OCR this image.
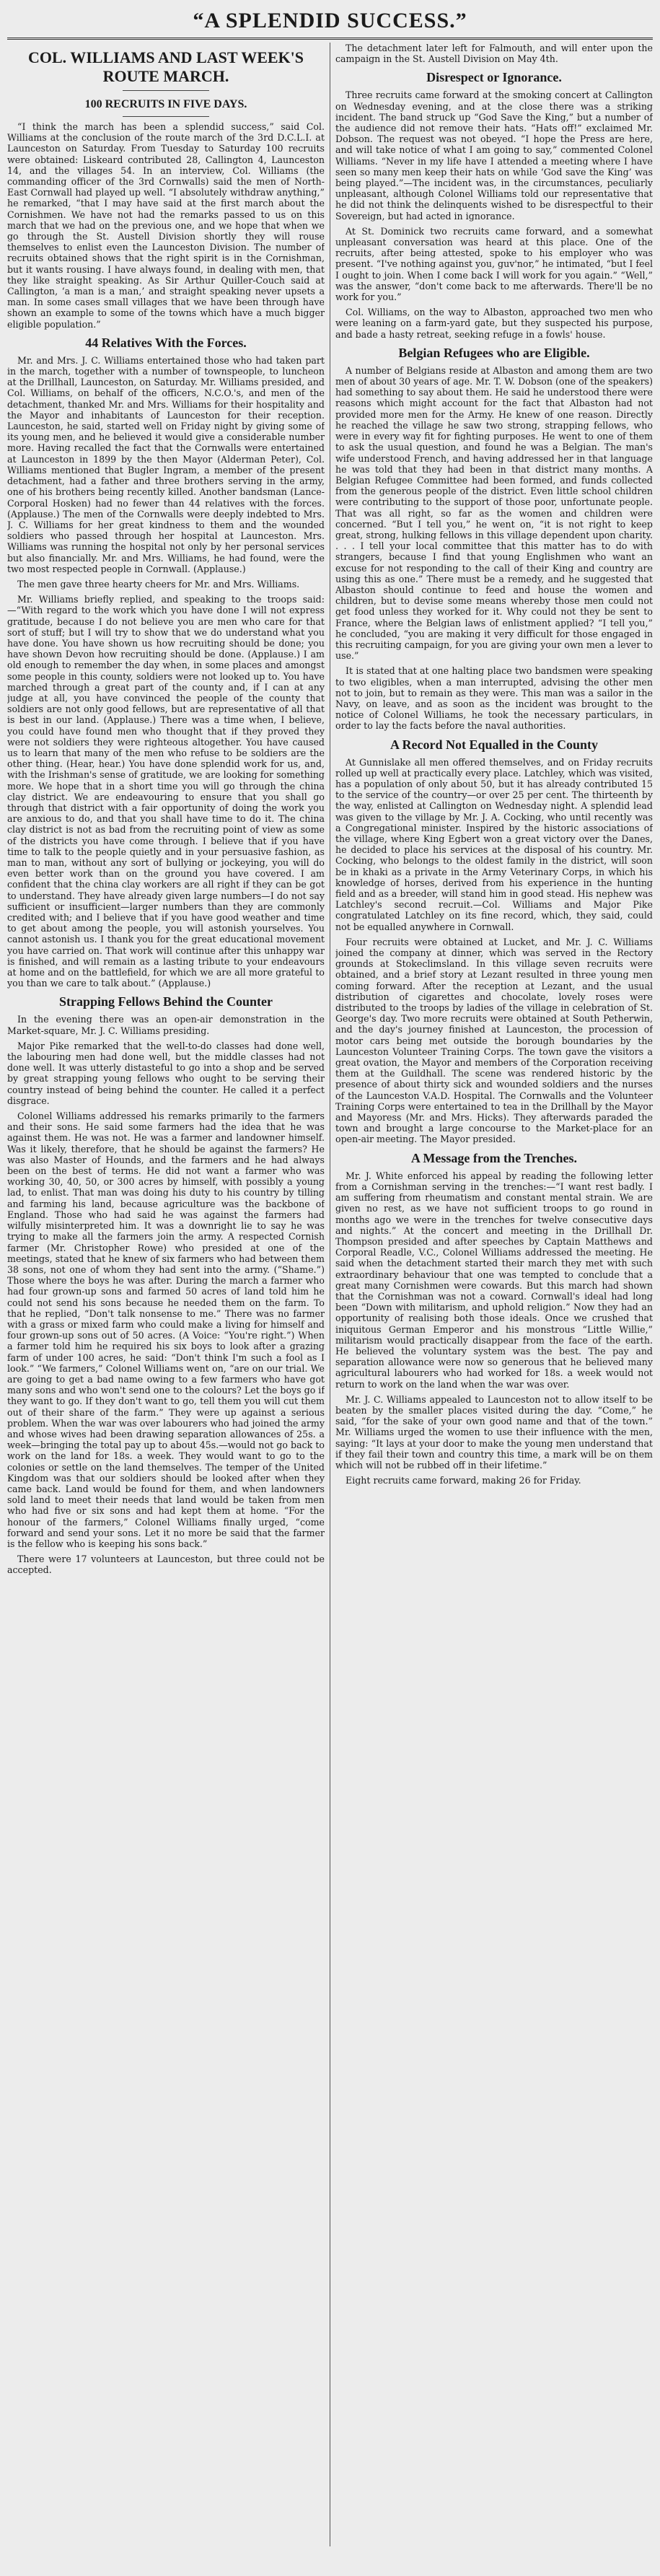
“A SPLENDID SUCCESS.”
COL. WILLIAMS AND LAST WEEK'S ROUTE MARCH.
100 RECRUITS IN FIVE DAYS.

“I think the march has been a splendid success,” said Col. Williams at the conclusion of the route march of the 3rd D.C.L.I. at Launceston on Saturday. From Tuesday to Saturday 100 recruits were obtained: Liskeard contributed 28, Callington 4, Launceston 14, and the villages 54. In an interview, Col. Williams (the commanding officer of the 3rd Cornwalls) said the men of North-East Cornwall had played up well. “I absolutely withdraw anything,” he remarked, “that I may have said at the first march about the Cornishmen. We have not had the remarks passed to us on this march that we had on the previous one, and we hope that when we go through the St. Austell Division shortly they will rouse themselves to enlist even the Launceston Division. The number of recruits obtained shows that the right spirit is in the Cornishman, but it wants rousing. I have always found, in dealing with men, that they like straight speaking. As Sir Arthur Quiller-Couch said at Callington, ‘a man is a man,’ and straight speaking never upsets a man. In some cases small villages that we have been through have shown an example to some of the towns which have a much bigger eligible population.”

44 Relatives With the Forces.

Mr. and Mrs. J. C. Williams entertained those who had taken part in the march, together with a number of townspeople, to luncheon at the Drillhall, Launceston, on Saturday. Mr. Williams presided, and Col. Williams, on behalf of the officers, N.C.O.'s, and men of the detachment, thanked Mr. and Mrs. Williams for their hospitality and the Mayor and inhabitants of Launceston for their reception. Launceston, he said, started well on Friday night by giving some of its young men, and he believed it would give a considerable number more. Having recalled the fact that the Cornwalls were entertained at Launceston in 1899 by the then Mayor (Alderman Peter), Col. Williams mentioned that Bugler Ingram, a member of the present detachment, had a father and three brothers serving in the army, one of his brothers being recently killed. Another bandsman (Lance-Corporal Hosken) had no fewer than 44 relatives with the forces. (Applause.) The men of the Cornwalls were deeply indebted to Mrs. J. C. Williams for her great kindness to them and the wounded soldiers who passed through her hospital at Launceston. Mrs. Williams was running the hospital not only by her personal services but also financially. Mr. and Mrs. Williams, he had found, were the two most respected people in Cornwall. (Applause.)

The men gave three hearty cheers for Mr. and Mrs. Williams.

Mr. Williams briefly replied, and speaking to the troops said:—“With regard to the work which you have done I will not express gratitude, because I do not believe you are men who care for that sort of stuff; but I will try to show that we do understand what you have done. You have shown us how recruiting should be done; you have shown Devon how recruiting should be done. (Applause.) I am old enough to remember the day when, in some places and amongst some people in this county, soldiers were not looked up to. You have marched through a great part of the county and, if I can at any judge at all, you have convinced the people of the county that soldiers are not only good fellows, but are representative of all that is best in our land. (Applause.) There was a time when, I believe, you could have found men who thought that if they proved they were not soldiers they were righteous altogether. You have caused us to learn that many of the men who refuse to be soldiers are the other thing. (Hear, hear.) You have done splendid work for us, and, with the Irishman's sense of gratitude, we are looking for something more. We hope that in a short time you will go through the china clay district. We are endeavouring to ensure that you shall go through that district with a fair opportunity of doing the work you are anxious to do, and that you shall have time to do it. The china clay district is not as bad from the recruiting point of view as some of the districts you have come through. I believe that if you have time to talk to the people quietly and in your persuasive fashion, as man to man, without any sort of bullying or jockeying, you will do even better work than on the ground you have covered. I am confident that the china clay workers are all right if they can be got to understand. They have already given large numbers—I do not say sufficient or insufficient—larger numbers than they are commonly credited with; and I believe that if you have good weather and time to get about among the people, you will astonish yourselves. You cannot astonish us. I thank you for the great educational movement you have carried on. That work will continue after this unhappy war is finished, and will remain as a lasting tribute to your endeavours at home and on the battlefield, for which we are all more grateful to you than we care to talk about.” (Applause.)

Strapping Fellows Behind the Counter

In the evening there was an open-air demonstration in the Market-square, Mr. J. C. Williams presiding.

Major Pike remarked that the well-to-do classes had done well, the labouring men had done well, but the middle classes had not done well. It was utterly distasteful to go into a shop and be served by great strapping young fellows who ought to be serving their country instead of being behind the counter. He called it a perfect disgrace.

Colonel Williams addressed his remarks primarily to the farmers and their sons. He said some farmers had the idea that he was against them. He was not. He was a farmer and landowner himself. Was it likely, therefore, that he should be against the farmers? He was also Master of Hounds, and the farmers and he had always been on the best of terms. He did not want a farmer who was working 30, 40, 50, or 300 acres by himself, with possibly a young lad, to enlist. That man was doing his duty to his country by tilling and farming his land, because agriculture was the backbone of England. Those who had said he was against the farmers had wilfully misinterpreted him. It was a downright lie to say he was trying to make all the farmers join the army. A respected Cornish farmer (Mr. Christopher Rowe) who presided at one of the meetings, stated that he knew of six farmers who had between them 38 sons, not one of whom they had sent into the army. (“Shame.”) Those where the boys he was after. During the march a farmer who had four grown-up sons and farmed 50 acres of land told him he could not send his sons because he needed them on the farm. To that he replied, “Don't talk nonsense to me.” There was no farmer with a grass or mixed farm who could make a living for himself and four grown-up sons out of 50 acres. (A Voice: “You're right.”) When a farmer told him he required his six boys to look after a grazing farm of under 100 acres, he said: “Don't think I'm such a fool as I look.” “We farmers,” Colonel Williams went on, “are on our trial. We are going to get a bad name owing to a few farmers who have got many sons and who won't send one to the colours? Let the boys go if they want to go. If they don't want to go, tell them you will cut them out of their share of the farm.” They were up against a serious problem. When the war was over labourers who had joined the army and whose wives had been drawing separation allowances of 25s. a week—bringing the total pay up to about 45s.—would not go back to work on the land for 18s. a week. They would want to go to the colonies or settle on the land themselves. The temper of the United Kingdom was that our soldiers should be looked after when they came back. Land would be found for them, and when landowners sold land to meet their needs that land would be taken from men who had five or six sons and had kept them at home. “For the honour of the farmers,” Colonel Williams finally urged, “come forward and send your sons. Let it no more be said that the farmer is the fellow who is keeping his sons back.”

There were 17 volunteers at Launceston, but three could not be accepted.

The detachment later left for Falmouth, and will enter upon the campaign in the St. Austell Division on May 4th.

Disrespect or Ignorance.

Three recruits came forward at the smoking concert at Callington on Wednesday evening, and at the close there was a striking incident. The band struck up “God Save the King,” but a number of the audience did not remove their hats. “Hats off!” exclaimed Mr. Dobson. The request was not obeyed. “I hope the Press are here, and will take notice of what I am going to say,” commented Colonel Williams. “Never in my life have I attended a meeting where I have seen so many men keep their hats on while ‘God save the King’ was being played.”—The incident was, in the circumstances, peculiarly unpleasant, although Colonel Williams told our representative that he did not think the delinquents wished to be disrespectful to their Sovereign, but had acted in ignorance.

At St. Dominick two recruits came forward, and a somewhat unpleasant conversation was heard at this place. One of the recruits, after being attested, spoke to his employer who was present. “I've nothing against you, guv'nor,” he intimated, “but I feel I ought to join. When I come back I will work for you again.” “Well,” was the answer, “don't come back to me afterwards. There'll be no work for you.”

Col. Williams, on the way to Albaston, approached two men who were leaning on a farm-yard gate, but they suspected his purpose, and bade a hasty retreat, seeking refuge in a fowls' house.

Belgian Refugees who are Eligible.

A number of Belgians reside at Albaston and among them are two men of about 30 years of age. Mr. T. W. Dobson (one of the speakers) had something to say about them. He said he understood there were reasons which might account for the fact that Albaston had not provided more men for the Army. He knew of one reason. Directly he reached the village he saw two strong, strapping fellows, who were in every way fit for fighting purposes. He went to one of them to ask the usual question, and found he was a Belgian. The man's wife understood French, and having addressed her in that language he was told that they had been in that district many months. A Belgian Refugee Committee had been formed, and funds collected from the generous people of the district. Even little school children were contributing to the support of those poor, unfortunate people. That was all right, so far as the women and children were concerned. “But I tell you,” he went on, “it is not right to keep great, strong, hulking fellows in this village dependent upon charity. . . . I tell your local committee that this matter has to do with strangers, because I find that young Englishmen who want an excuse for not responding to the call of their King and country are using this as one.” There must be a remedy, and he suggested that Albaston should continue to feed and house the women and children, but to devise some means whereby those men could not get food unless they worked for it. Why could not they be sent to France, where the Belgian laws of enlistment applied? “I tell you,” he concluded, “you are making it very difficult for those engaged in this recruiting campaign, for you are giving your own men a lever to use.”

It is stated that at one halting place two bandsmen were speaking to two eligibles, when a man interrupted, advising the other men not to join, but to remain as they were. This man was a sailor in the Navy, on leave, and as soon as the incident was brought to the notice of Colonel Williams, he took the necessary particulars, in order to lay the facts before the naval authorities.

A Record Not Equalled in the County

At Gunnislake all men offered themselves, and on Friday recruits rolled up well at practically every place. Latchley, which was visited, has a population of only about 50, but it has already contributed 15 to the service of the country—or over 25 per cent. The thirteenth by the way, enlisted at Callington on Wednesday night. A splendid lead was given to the village by Mr. J. A. Cocking, who until recently was a Congregational minister. Inspired by the historic associations of the village, where King Egbert won a great victory over the Danes, he decided to place his services at the disposal of his country. Mr. Cocking, who belongs to the oldest family in the district, will soon be in khaki as a private in the Army Veterinary Corps, in which his knowledge of horses, derived from his experience in the hunting field and as a breeder, will stand him in good stead. His nephew was Latchley's second recruit.—Col. Williams and Major Pike congratulated Latchley on its fine record, which, they said, could not be equalled anywhere in Cornwall.

Four recruits were obtained at Lucket, and Mr. J. C. Williams joined the company at dinner, which was served in the Rectory grounds at Stokeclimsland. In this village seven recruits were obtained, and a brief story at Lezant resulted in three young men coming forward. After the reception at Lezant, and the usual distribution of cigarettes and chocolate, lovely roses were distributed to the troops by ladies of the village in celebration of St. George's day. Two more recruits were obtained at South Petherwin, and the day's journey finished at Launceston, the procession of motor cars being met outside the borough boundaries by the Launceston Volunteer Training Corps. The town gave the visitors a great ovation, the Mayor and members of the Corporation receiving them at the Guildhall. The scene was rendered historic by the presence of about thirty sick and wounded soldiers and the nurses of the Launceston V.A.D. Hospital. The Cornwalls and the Volunteer Training Corps were entertained to tea in the Drillhall by the Mayor and Mayoress (Mr. and Mrs. Hicks). They afterwards paraded the town and brought a large concourse to the Market-place for an open-air meeting. The Mayor presided.

A Message from the Trenches.

Mr. J. White enforced his appeal by reading the following letter from a Cornishman serving in the trenches:—“I want rest badly. I am suffering from rheumatism and constant mental strain. We are given no rest, as we have not sufficient troops to go round in months ago we were in the trenches for twelve consecutive days and nights.” At the concert and meeting in the Drillhall Dr. Thompson presided and after speeches by Captain Matthews and Corporal Readle, V.C., Colonel Williams addressed the meeting. He said when the detachment started their march they met with such extraordinary behaviour that one was tempted to conclude that a great many Cornishmen were cowards. But this march had shown that the Cornishman was not a coward. Cornwall's ideal had long been “Down with militarism, and uphold religion.” Now they had an opportunity of realising both those ideals. Once we crushed that iniquitous German Emperor and his monstrous “Little Willie,” militarism would practically disappear from the face of the earth. He believed the voluntary system was the best. The pay and separation allowance were now so generous that he believed many agricultural labourers who had worked for 18s. a week would not return to work on the land when the war was over.

Mr. J. C. Williams appealed to Launceston not to allow itself to be beaten by the smaller places visited during the day. “Come,” he said, “for the sake of your own good name and that of the town.” Mr. Williams urged the women to use their influence with the men, saying: “It lays at your door to make the young men understand that if they fail their town and country this time, a mark will be on them which will not be rubbed off in their lifetime.”

Eight recruits came forward, making 26 for Friday.
